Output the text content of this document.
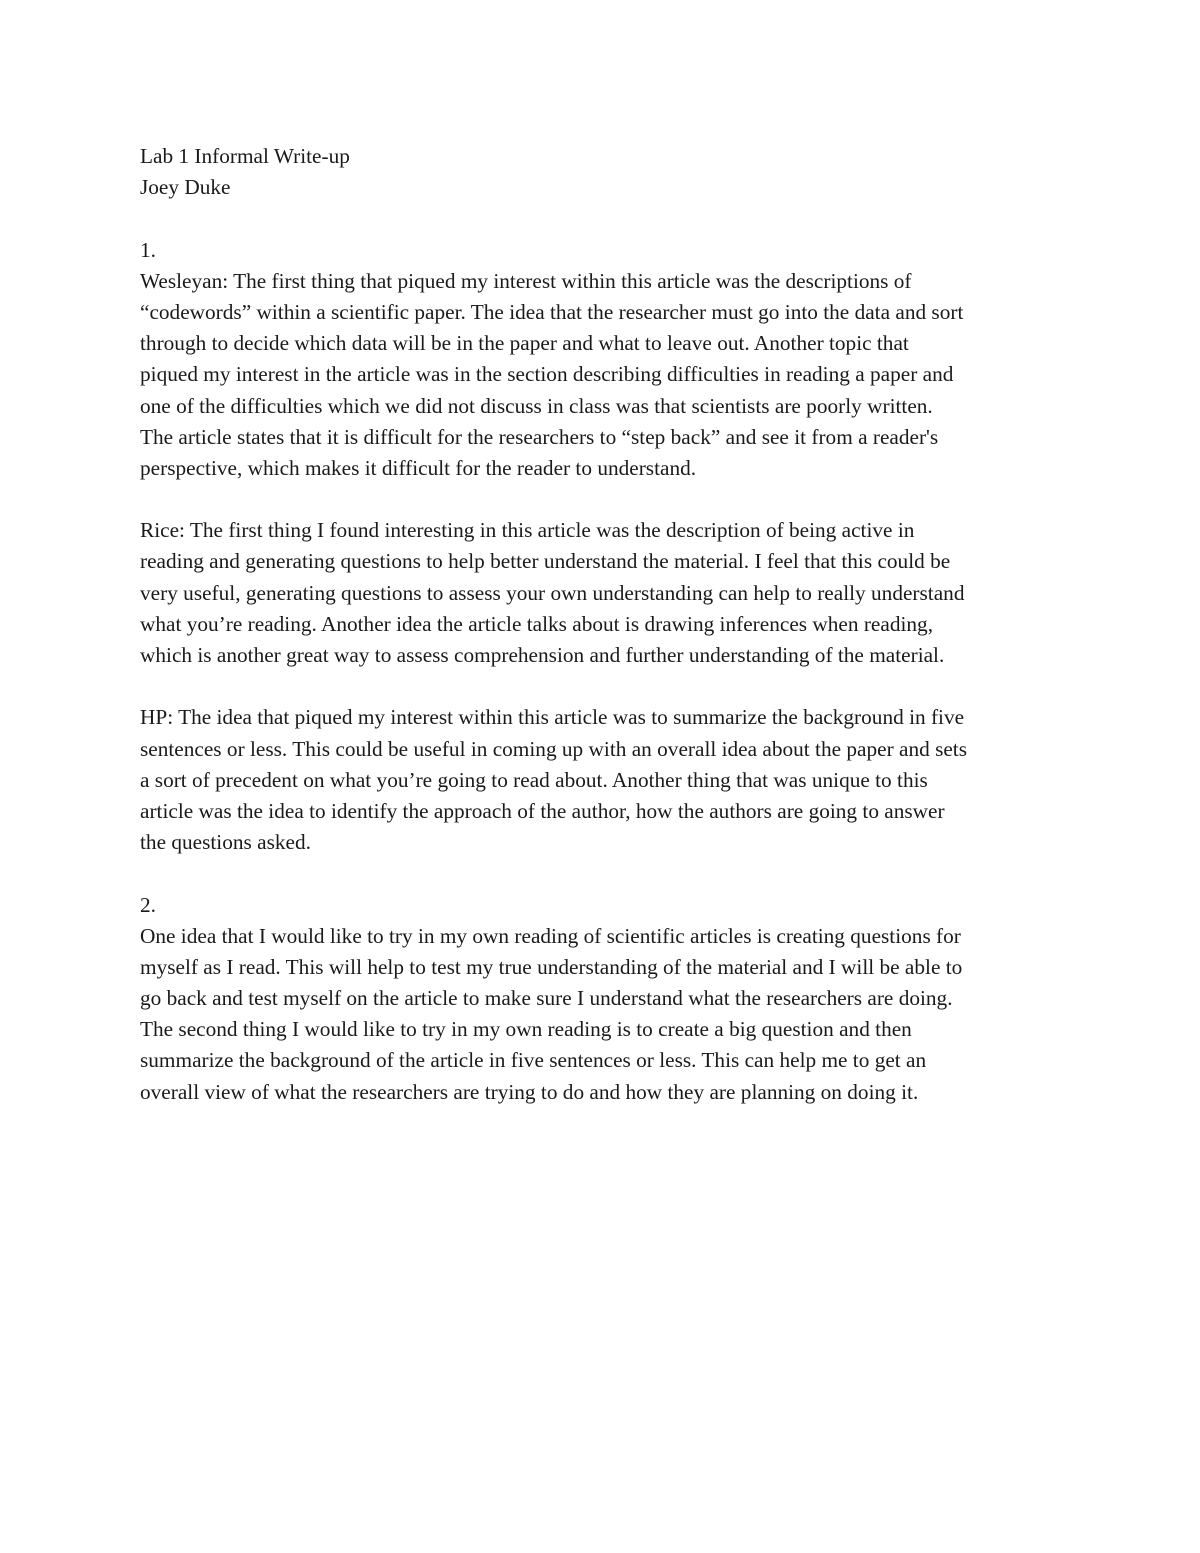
Lab 1 Informal Write-up
Joey Duke
1.
Wesleyan: The first thing that piqued my interest within this article was the descriptions of
“codewords” within a scientific paper. The idea that the researcher must go into the data and sort
through to decide which data will be in the paper and what to leave out. Another topic that
piqued my interest in the article was in the section describing difficulties in reading a paper and
one of the difficulties which we did not discuss in class was that scientists are poorly written.
The article states that it is difficult for the researchers to “step back” and see it from a reader's
perspective, which makes it difficult for the reader to understand.
Rice: The first thing I found interesting in this article was the description of being active in
reading and generating questions to help better understand the material. I feel that this could be
very useful, generating questions to assess your own understanding can help to really understand
what you’re reading. Another idea the article talks about is drawing inferences when reading,
which is another great way to assess comprehension and further understanding of the material.
HP: The idea that piqued my interest within this article was to summarize the background in five
sentences or less. This could be useful in coming up with an overall idea about the paper and sets
a sort of precedent on what you’re going to read about. Another thing that was unique to this
article was the idea to identify the approach of the author, how the authors are going to answer
the questions asked.
2.
One idea that I would like to try in my own reading of scientific articles is creating questions for
myself as I read. This will help to test my true understanding of the material and I will be able to
go back and test myself on the article to make sure I understand what the researchers are doing.
The second thing I would like to try in my own reading is to create a big question and then
summarize the background of the article in five sentences or less. This can help me to get an
overall view of what the researchers are trying to do and how they are planning on doing it.
